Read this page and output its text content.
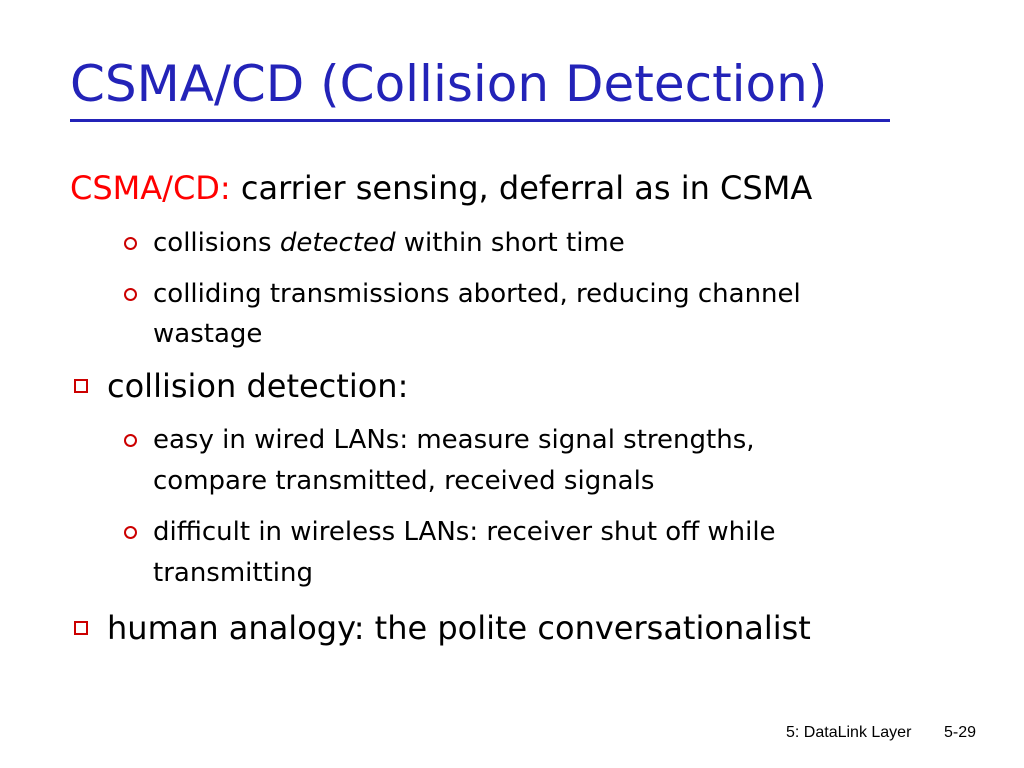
CSMA/CD (Collision Detection)
CSMA/CD: carrier sensing, deferral as in CSMA
collisions detected within short time
colliding transmissions aborted, reducing channel
wastage
collision detection:
easy in wired LANs: measure signal strengths,
compare transmitted, received signals
difficult in wireless LANs: receiver shut off while
transmitting
human analogy: the polite conversationalist
5: DataLink Layer 5-29
